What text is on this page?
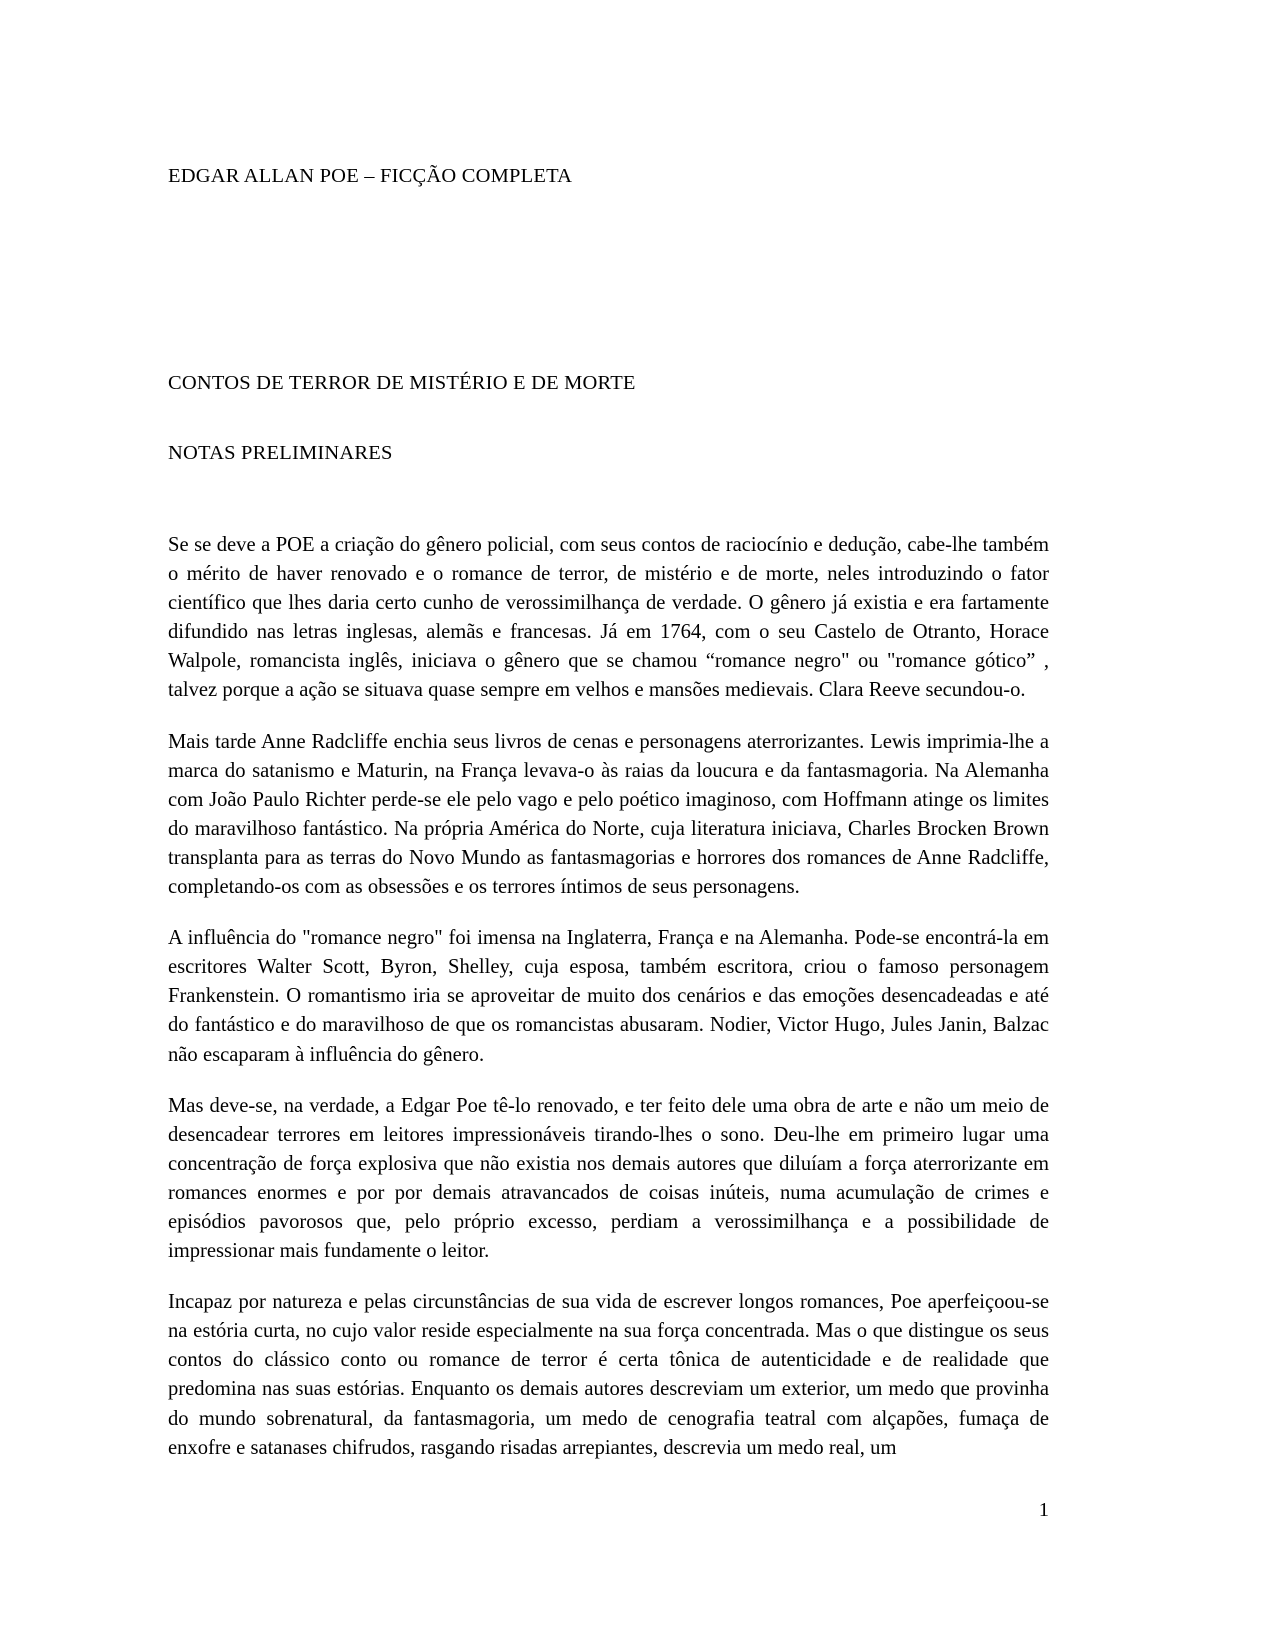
EDGAR ALLAN POE – FICÇÃO COMPLETA
CONTOS DE TERROR DE MISTÉRIO E DE MORTE
NOTAS PRELIMINARES

Se se deve a POE a criação do gênero policial, com seus contos de raciocínio e dedução, cabe-lhe também o mérito de haver renovado e o romance de terror, de mistério e de morte, neles introduzindo o fator científico que lhes daria certo cunho de verossimilhança de verdade. O gênero já existia e era fartamente difundido nas letras inglesas, alemãs e francesas. Já em 1764, com o seu Castelo de Otranto, Horace Walpole, romancista inglês, iniciava o gênero que se chamou “romance negro" ou "romance gótico” , talvez porque a ação se situava quase sempre em velhos e mansões medievais. Clara Reeve secundou-o.

Mais tarde Anne Radcliffe enchia seus livros de cenas e personagens aterrorizantes. Lewis imprimia-lhe a marca do satanismo e Maturin, na França levava-o às raias da loucura e da fantasmagoria. Na Alemanha com João Paulo Richter perde-se ele pelo vago e pelo poético imaginoso, com Hoffmann atinge os limites do maravilhoso fantástico. Na própria América do Norte, cuja literatura iniciava, Charles Brocken Brown transplanta para as terras do Novo Mundo as fantasmagorias e horrores dos romances de Anne Radcliffe, completando-os com as obsessões e os terrores íntimos de seus personagens.

A influência do "romance negro" foi imensa na Inglaterra, França e na Alemanha. Pode-se encontrá-la em escritores Walter Scott, Byron, Shelley, cuja esposa, também escritora, criou o famoso personagem Frankenstein. O romantismo iria se aproveitar de muito dos cenários e das emoções desencadeadas e até do fantástico e do maravilhoso de que os romancistas abusaram. Nodier, Victor Hugo, Jules Janin, Balzac não escaparam à influência do gênero.

Mas deve-se, na verdade, a Edgar Poe tê-lo renovado, e ter feito dele uma obra de arte e não um meio de desencadear terrores em leitores impressionáveis tirando-lhes o sono. Deu-lhe em primeiro lugar uma concentração de força explosiva que não existia nos demais autores que diluíam a força aterrorizante em romances enormes e por por demais atravancados de coisas inúteis, numa acumulação de crimes e episódios pavorosos que, pelo próprio excesso, perdiam a verossimilhança e a possibilidade de impressionar mais fundamente o leitor.

Incapaz por natureza e pelas circunstâncias de sua vida de escrever longos romances, Poe aperfeiçoou-se na estória curta, no cujo valor reside especialmente na sua força concentrada. Mas o que distingue os seus contos do clássico conto ou romance de terror é certa tônica de autenticidade e de realidade que predomina nas suas estórias. Enquanto os demais autores descreviam um exterior, um medo que provinha do mundo sobrenatural, da fantasmagoria, um medo de cenografia teatral com alçapões, fumaça de enxofre e satanases chifrudos, rasgando risadas arrepiantes, descrevia um medo real, um

1
